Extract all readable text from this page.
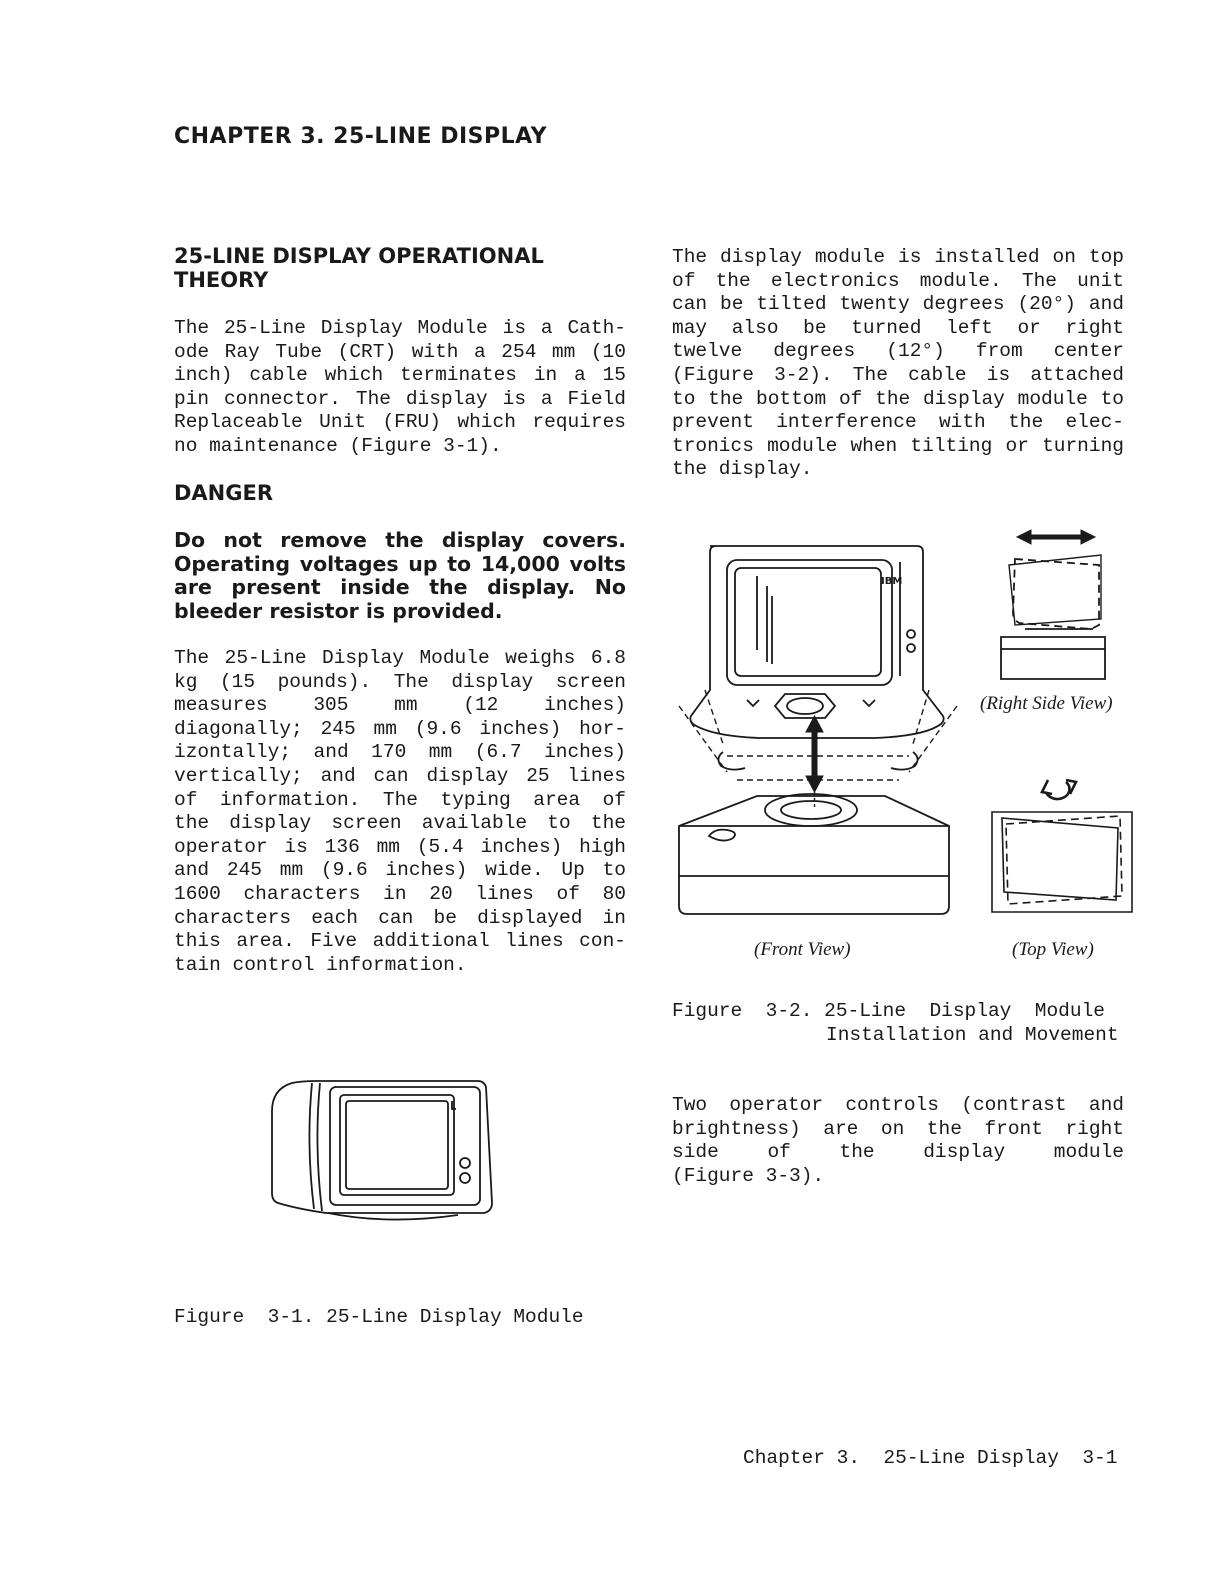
CHAPTER 3. 25-LINE DISPLAY
25-LINE DISPLAY OPERATIONAL
THEORY
The 25-Line Display Module is a Cath-
ode Ray Tube (CRT) with a 254 mm (10
inch) cable which terminates in a 15
pin connector. The display is a Field
Replaceable Unit (FRU) which requires
no maintenance (Figure 3-1).
DANGER
Do not remove the display covers.
Operating voltages up to 14,000 volts
are present inside the display. No
bleeder resistor is provided.
The 25-Line Display Module weighs 6.8
kg (15 pounds). The display screen
measures 305 mm (12 inches)
diagonally; 245 mm (9.6 inches) hor-
izontally; and 170 mm (6.7 inches)
vertically; and can display 25 lines
of information. The typing area of
the display screen available to the
operator is 136 mm (5.4 inches) high
and 245 mm (9.6 inches) wide. Up to
1600 characters in 20 lines of 80
characters each can be displayed in
this area. Five additional lines con-
tain control information.
The display module is installed on top
of the electronics module. The unit
can be tilted twenty degrees (20°) and
may also be turned left or right
twelve degrees (12°) from center
(Figure 3-2). The cable is attached
to the bottom of the display module to
prevent interference with the elec-
tronics module when tilting or turning
the display.
IBM
(Right Side View)
(Top View)
(Front View)
Figure  3-2. 25-Line  Display  Module
Installation and Movement
Two operator controls (contrast and
brightness) are on the front right
side of the display module
(Figure 3-3).
Figure  3-1. 25-Line Display Module
Chapter 3.  25-Line Display  3-1
